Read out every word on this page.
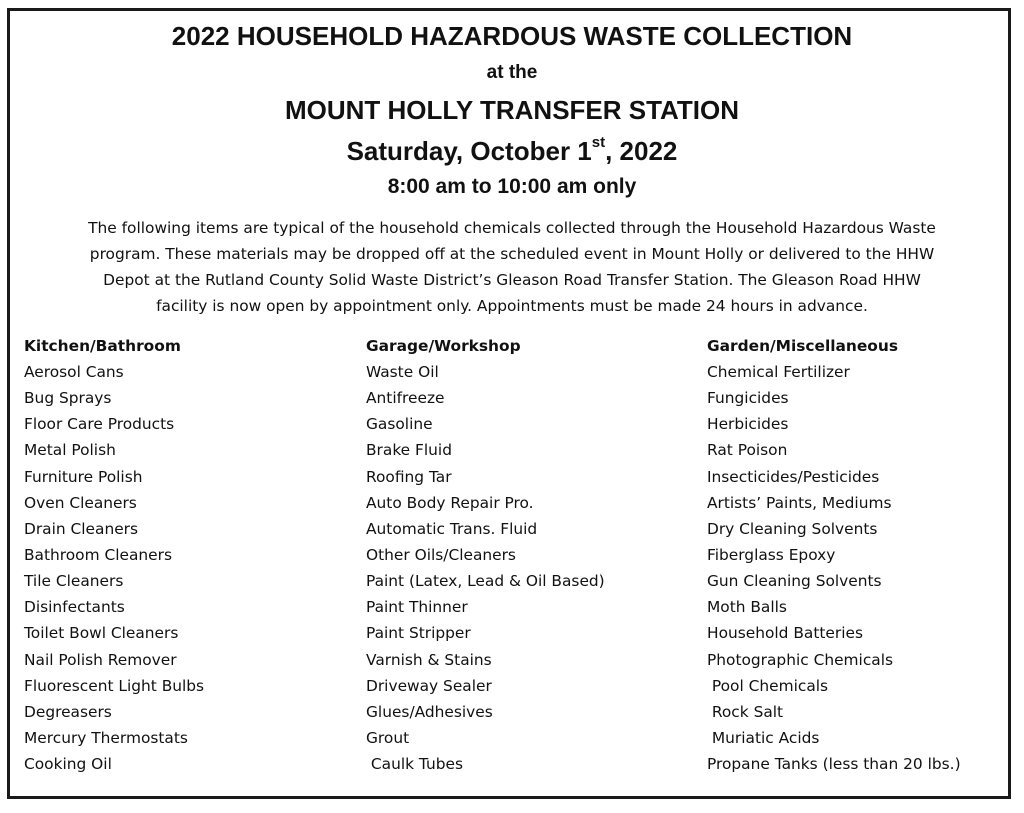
2022 HOUSEHOLD HAZARDOUS WASTE COLLECTION
at the
MOUNT HOLLY TRANSFER STATION
Saturday, October 1st, 2022
8:00 am to 10:00 am only
The following items are typical of the household chemicals collected through the Household Hazardous Waste
program. These materials may be dropped off at the scheduled event in Mount Holly or delivered to the HHW
Depot at the Rutland County Solid Waste District’s Gleason Road Transfer Station. The Gleason Road HHW
facility is now open by appointment only. Appointments must be made 24 hours in advance.
Kitchen/Bathroom
Aerosol Cans
Bug Sprays
Floor Care Products
Metal Polish
Furniture Polish
Oven Cleaners
Drain Cleaners
Bathroom Cleaners
Tile Cleaners
Disinfectants
Toilet Bowl Cleaners
Nail Polish Remover
Fluorescent Light Bulbs
Degreasers
Mercury Thermostats
Cooking Oil
Garage/Workshop
Waste Oil
Antifreeze
Gasoline
Brake Fluid
Roofing Tar
Auto Body Repair Pro.
Automatic Trans. Fluid
Other Oils/Cleaners
Paint (Latex, Lead & Oil Based)
Paint Thinner
Paint Stripper
Varnish & Stains
Driveway Sealer
Glues/Adhesives
Grout
Caulk Tubes
Garden/Miscellaneous
Chemical Fertilizer
Fungicides
Herbicides
Rat Poison
Insecticides/Pesticides
Artists’ Paints, Mediums
Dry Cleaning Solvents
Fiberglass Epoxy
Gun Cleaning Solvents
Moth Balls
Household Batteries
Photographic Chemicals
Pool Chemicals
Rock Salt
Muriatic Acids
Propane Tanks (less than 20 lbs.)
